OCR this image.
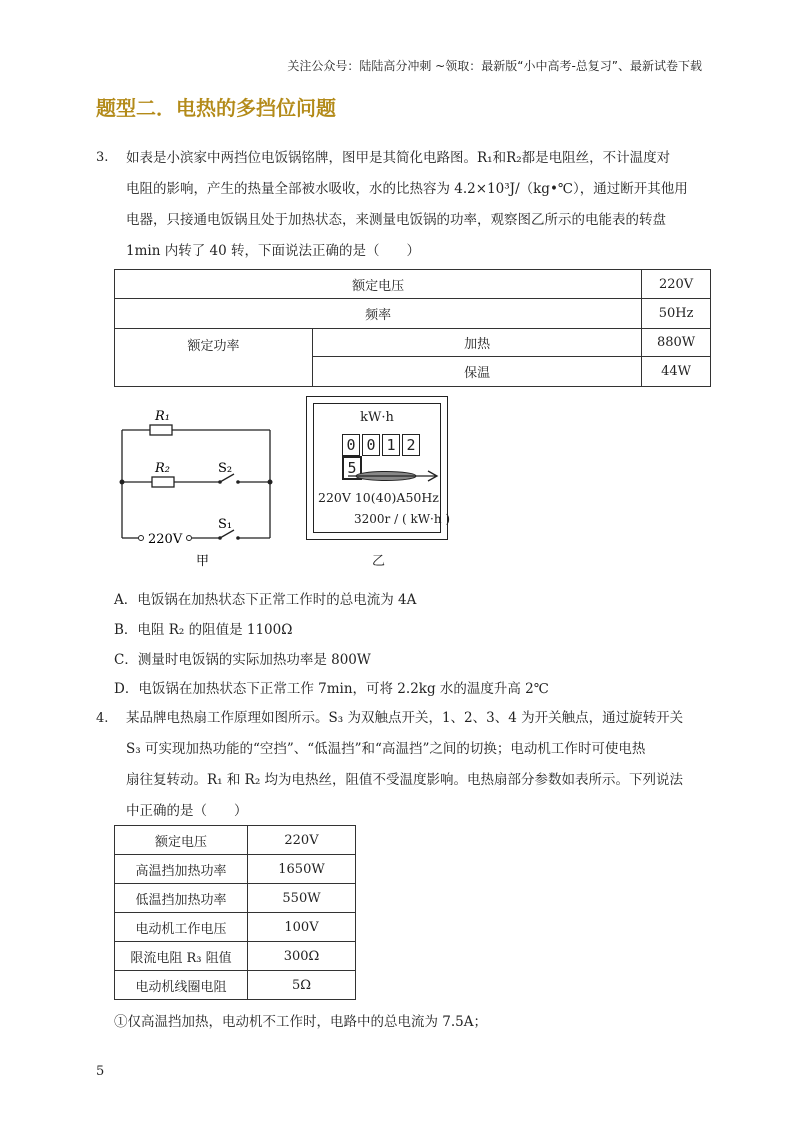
关注公众号：陆陆高分冲刺 ~领取：最新版“小中高考-总复习”、最新试卷下载
题型二．电热的多挡位问题
3. 如表是小滨家中两挡位电饭锅铭牌，图甲是其简化电路图。R₁和R₂都是电阻丝，不计温度对
电阻的影响，产生的热量全部被水吸收，水的比热容为 4.2×10³J/（kg•℃），通过断开其他用
电器，只接通电饭锅且处于加热状态，来测量电饭锅的功率，观察图乙所示的电能表的转盘
1min 内转了 40 转，下面说法正确的是（　　）
额定电压		220V
频率		50Hz
额定功率	加热	880W
	保温	44W
R₁
R₂	S₂
S₁
220V
甲
kW·h
0 0 1 25
220V 10(40)A50Hz
3200r / ( kW·h )
乙
A．电饭锅在加热状态下正常工作时的总电流为 4A
B．电阻 R₂ 的阻值是 1100Ω
C．测量时电饭锅的实际加热功率是 800W
D．电饭锅在加热状态下正常工作 7min，可将 2.2kg 水的温度升高 2℃
4. 某品牌电热扇工作原理如图所示。S₃ 为双触点开关，1、2、3、4 为开关触点，通过旋转开关
S₃ 可实现加热功能的“空挡”、“低温挡”和“高温挡”之间的切换；电动机工作时可使电热
扇往复转动。R₁ 和 R₂ 均为电热丝，阻值不受温度影响。电热扇部分参数如表所示。下列说法
中正确的是（　　）
额定电压	220V
高温挡加热功率	1650W
低温挡加热功率	550W
电动机工作电压	100V
限流电阻 R₃ 阻值	300Ω
电动机线圈电阻	5Ω
①仅高温挡加热，电动机不工作时，电路中的总电流为 7.5A；
5
